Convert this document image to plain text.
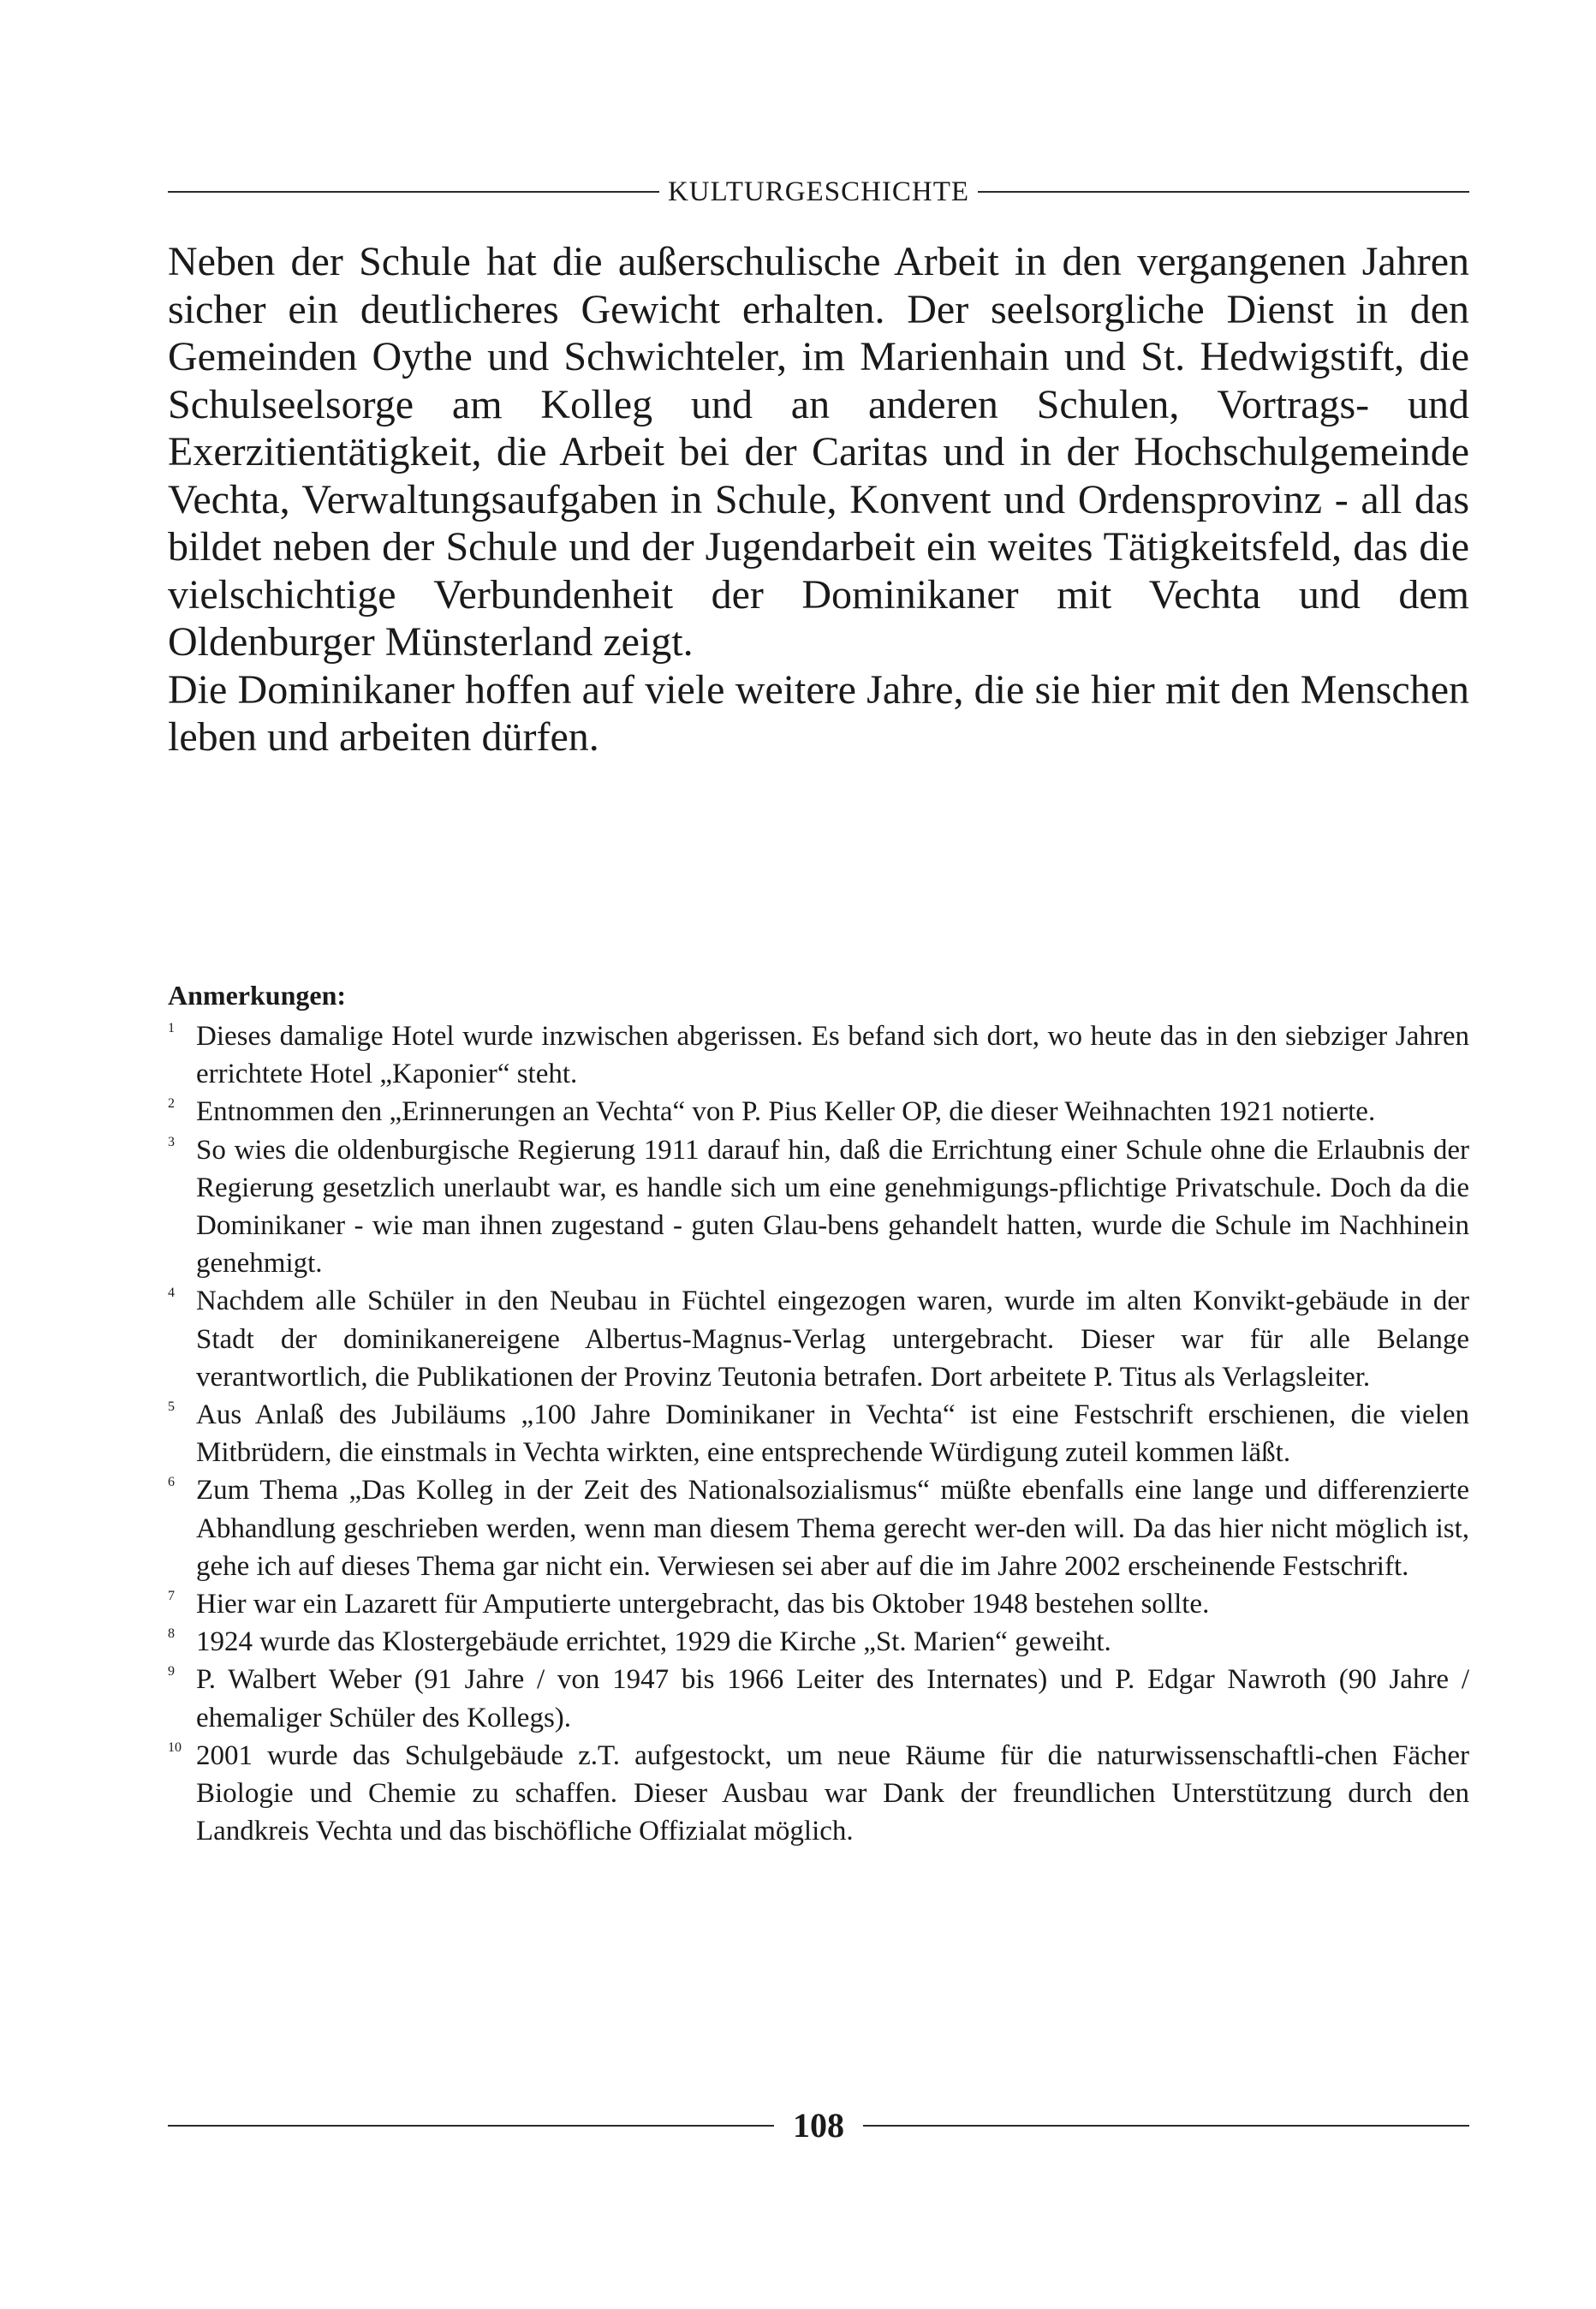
KULTURGESCHICHTE

Neben der Schule hat die außerschulische Arbeit in den vergangenen Jahren sicher ein deutlicheres Gewicht erhalten. Der seelsorgliche Dienst in den Gemeinden Oythe und Schwichteler, im Marienhain und St. Hedwigstift, die Schulseelsorge am Kolleg und an anderen Schulen, Vortrags- und Exerzitientätigkeit, die Arbeit bei der Caritas und in der Hochschulgemeinde Vechta, Verwaltungsaufgaben in Schule, Konvent und Ordensprovinz - all das bildet neben der Schule und der Jugendarbeit ein weites Tätigkeitsfeld, das die vielschichtige Verbundenheit der Dominikaner mit Vechta und dem Oldenburger Münsterland zeigt.

Die Dominikaner hoffen auf viele weitere Jahre, die sie hier mit den Menschen leben und arbeiten dürfen.

Anmerkungen:
1 Dieses damalige Hotel wurde inzwischen abgerissen. Es befand sich dort, wo heute das in den siebziger Jahren errichtete Hotel „Kaponier“ steht.
2 Entnommen den „Erinnerungen an Vechta“ von P. Pius Keller OP, die dieser Weihnachten 1921 notierte.
3 So wies die oldenburgische Regierung 1911 darauf hin, daß die Errichtung einer Schule ohne die Erlaubnis der Regierung gesetzlich unerlaubt war, es handle sich um eine genehmigungs-pflichtige Privatschule. Doch da die Dominikaner - wie man ihnen zugestand - guten Glau-bens gehandelt hatten, wurde die Schule im Nachhinein genehmigt.
4 Nachdem alle Schüler in den Neubau in Füchtel eingezogen waren, wurde im alten Konvikt-gebäude in der Stadt der dominikanereigene Albertus-Magnus-Verlag untergebracht. Dieser war für alle Belange verantwortlich, die Publikationen der Provinz Teutonia betrafen. Dort arbeitete P. Titus als Verlagsleiter.
5 Aus Anlaß des Jubiläums „100 Jahre Dominikaner in Vechta“ ist eine Festschrift erschienen, die vielen Mitbrüdern, die einstmals in Vechta wirkten, eine entsprechende Würdigung zuteil kommen läßt.
6 Zum Thema „Das Kolleg in der Zeit des Nationalsozialismus“ müßte ebenfalls eine lange und differenzierte Abhandlung geschrieben werden, wenn man diesem Thema gerecht wer-den will. Da das hier nicht möglich ist, gehe ich auf dieses Thema gar nicht ein. Verwiesen sei aber auf die im Jahre 2002 erscheinende Festschrift.
7 Hier war ein Lazarett für Amputierte untergebracht, das bis Oktober 1948 bestehen sollte.
8 1924 wurde das Klostergebäude errichtet, 1929 die Kirche „St. Marien“ geweiht.
9 P. Walbert Weber (91 Jahre / von 1947 bis 1966 Leiter des Internates) und P. Edgar Nawroth (90 Jahre / ehemaliger Schüler des Kollegs).
10 2001 wurde das Schulgebäude z.T. aufgestockt, um neue Räume für die naturwissenschaftli-chen Fächer Biologie und Chemie zu schaffen. Dieser Ausbau war Dank der freundlichen Unterstützung durch den Landkreis Vechta und das bischöfliche Offizialat möglich.
108
